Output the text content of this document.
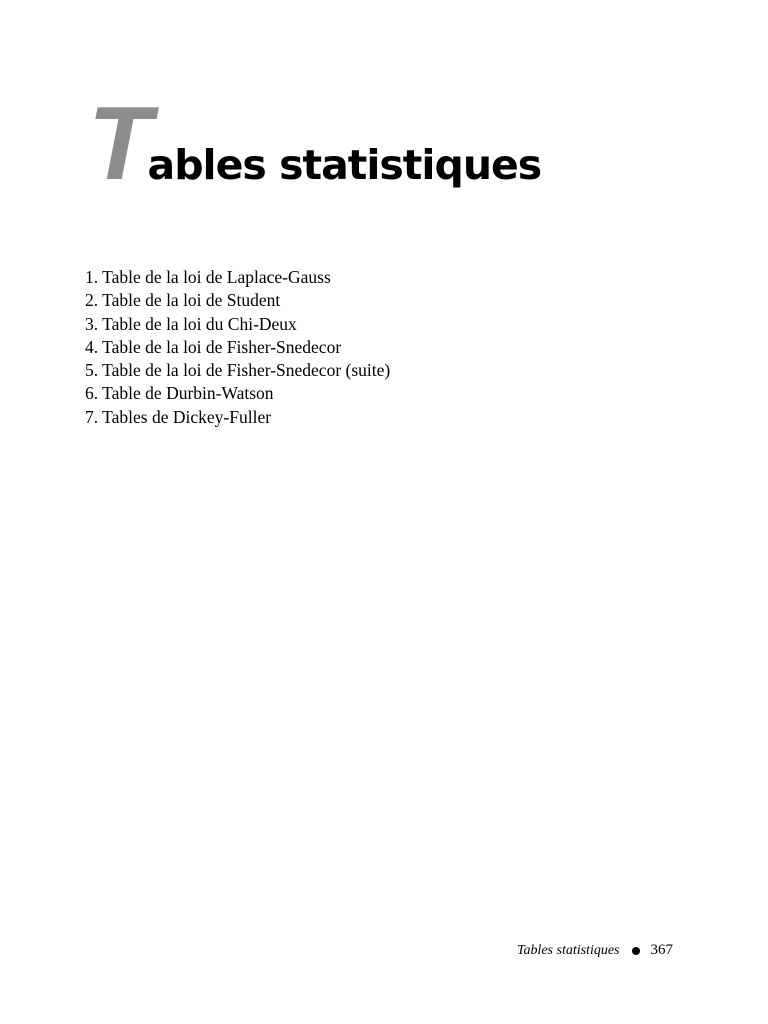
Tables statistiques
1. Table de la loi de Laplace-Gauss
2. Table de la loi de Student
3. Table de la loi du Chi-Deux
4. Table de la loi de Fisher-Snedecor
5. Table de la loi de Fisher-Snedecor (suite)
6. Table de Durbin-Watson
7. Tables de Dickey-Fuller
Tables statistiques 367
